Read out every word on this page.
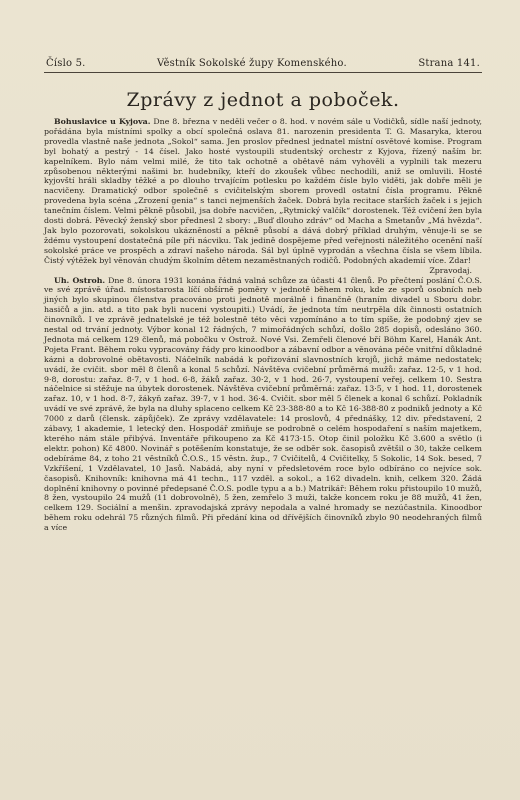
Číslo 5.	Věstník Sokolské župy Komenského.	Strana 141.
Zprávy z jednot a poboček.

Bohuslavice u Kyjova. Dne 8. března v neděli večer o 8. hod. v novém sále u Vodičků, sídle naší jednoty, pořádána byla místními spolky a obcí společná oslava 81. narozenin presidenta T. G. Masaryka, kterou provedla vlastně naše jednota „Sokol“ sama. Jen proslov přednesl jednatel místní osvětové komise. Program byl bohatý a pestrý - 14 čísel. Jako hosté vystoupili studentský orchestr z Kyjova, řízený naším br. kapelníkem. Bylo nám velmi milé, že tito tak ochotně a obětavě nám vyhověli a vyplnili tak mezeru způsobenou některými našimi br. hudebníky, kteří do zkoušek vůbec nechodili, aniž se omluvili. Hosté kyjovští hráli skladby těžké a po dlouho trvajícím potlesku po každém čísle bylo viděti, jak dobře měli je nacvičeny. Dramatický odbor společně s cvičitelským sborem provedl ostatní čísla programu. Pěkně provedena byla scéna „Zrození genia“ s tanci nejmenších žaček. Dobrá byla recitace starších žaček i s jejich tanečním číslem. Velmi pěkně působil, jsa dobře nacvičen, „Rytmický valčík“ dorostenek. Též cvičení žen byla dosti dobrá. Pěvecký ženský sbor přednesl 2 sbory: „Buď dlouho zdráv“ od Macha a Smetanův „Má hvězda“. Jak bylo pozorovati, sokolskou ukázněností a pěkně působí a dává dobrý příklad druhým, věnuje-li se se ždému vystoupení dostatečná píle při nácviku. Tak jedině dospějeme před veřejnosti náležitého ocenění naší sokolské práce ve prospěch a zdraví našeho národa. Sál byl úplně vyprodán a všechna čísla se všem líbila. Čistý výtěžek byl věnován chudým školním dětem nezaměstnaných rodičů. Podobných akademií více. Zdar!
Zpravodaj.

Uh. Ostroh. Dne 8. února 1931 konána řádná valná schůze za účasti 41 členů. Po přečtení poslání Č.O.S. ve své zprávě úřad. místostarosta líčí obšírně poměry v jednotě během roku, kde ze sporů osobních neb jiných bylo skupinou členstva pracováno proti jednotě morálně i finančně (hraním divadel u Sboru dobr. hasičů a jin. atd. a tito pak byli nuceni vystoupiti.) Uvádí, že jednota tím neutrpěla dík činnosti ostatních činovníků. I ve zprávě jednatelské je též bolestně této věci vzpomínáno a to tím spíše, že podobný zjev se nestal od trvání jednoty. Výbor konal 12 řádných, 7 mimořádných schůzí, došlo 285 dopisů, odesláno 360. Jednota má celkem 129 členů, má pobočku v Ostrož. Nové Vsi. Zemřeli členové bří Böhm Karel, Hanák Ant. Pojeta Frant. Během roku vypracovány řády pro kinoodbor a zábavní odbor a věnována péče vnitřní důkladné kázni a dobrovolné obětavosti. Náčelník nabádá k pořizování slavnostních krojů, jichž máme nedostatek; uvádí, že cvičit. sbor měl 8 členů a konal 5 schůzí. Návštěva cvičební průměrná mužů: zařaz. 12·5, v 1 hod. 9·8, dorostu: zařaz. 8·7, v 1 hod. 6·8, žáků zařaz. 30·2, v 1 hod. 26·7, vystoupení veřej. celkem 10. Sestra náčelnice si stěžuje na úbytek dorostenek. Návštěva cvičební průměrná: zařaz. 13·5, v 1 hod. 11, dorostenek zařaz. 10, v 1 hod. 8·7, žákyň zařaz. 39·7, v 1 hod. 36·4. Cvičit. sbor měl 5 členek a konal 6 schůzí. Pokladník uvádí ve své zprávě, že byla na dluhy splaceno celkem Kč 23·388·80 a to Kč 16·388·80 z podniků jednoty a Kč 7000 z darů (člensk. zápůjček). Ze zprávy vzdělavatele: 14 proslovů, 4 přednášky, 12 div. představení, 2 zábavy, 1 akademie, 1 letecký den. Hospodář zmiňuje se podrobně o celém hospodaření s naším majetkem, kterého nám stále přibývá. Inventáře přikoupeno za Kč 4173·15. Otop činil položku Kč 3.600 a světlo (i elektr. pohon) Kč 4800. Novinář s potěšením konstatuje, že se odběr sok. časopisů zvětšil o 30, takže celkem odebíráme 84, z toho 21 věstníků Č.O.S., 15 věstn. žup., 7 Cvičitelů, 4 Cvičitelky, 5 Sokolic, 14 Sok. besed, 7 Vzkříšení, 1 Vzdělavatel, 10 Jasů. Nabádá, aby nyní v předsletovém roce bylo odbíráno co nejvíce sok. časopisů. Knihovník: knihovna má 41 techn., 117 vzděl. a sokol., a 162 divadeln. knih, celkem 320. Žádá doplnění knihovny o povinné předepsané Č.O.S. podle typu a a b.) Matrikář: Během roku přistoupilo 10 mužů, 8 žen, vystoupilo 24 mužů (11 dobrovolně), 5 žen, zemřelo 3 muži, takže koncem roku je 88 mužů, 41 žen, celkem 129. Sociální a menšin. zpravodajská zprávy nepodala a valné hromady se nezúčastnila. Kinoodbor během roku odehrál 75 různých filmů. Při předání kina od dřívějších činovníků zbylo 90 neodehraných filmů a více
